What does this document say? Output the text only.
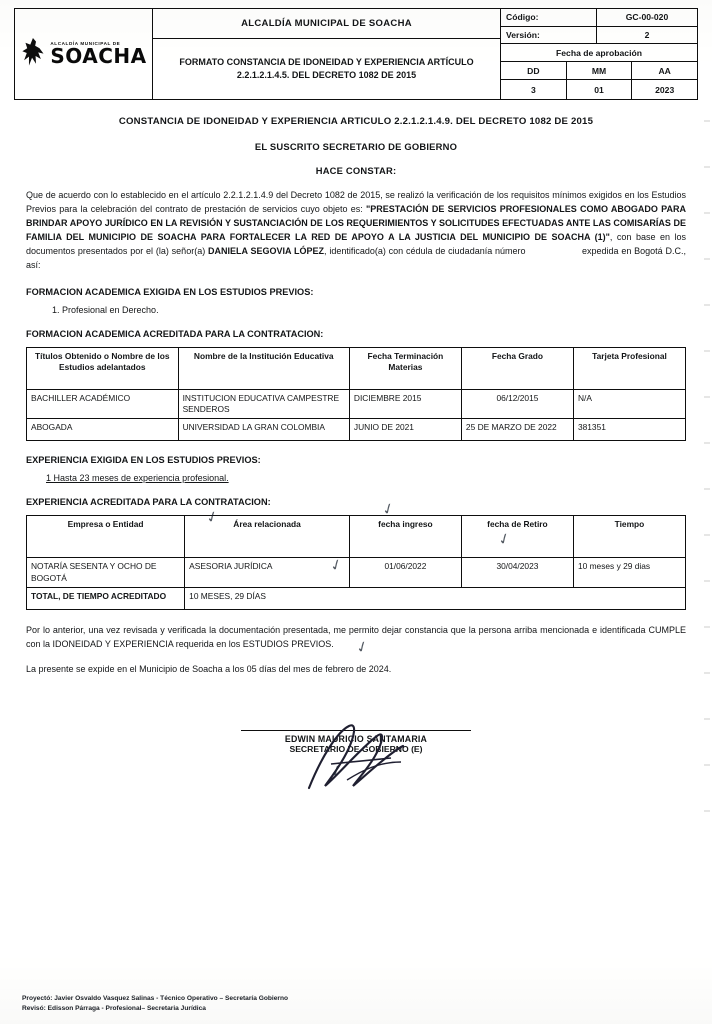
ALCALDÍA MUNICIPAL DE
SOACHA
ALCALDÍA MUNICIPAL DE SOACHA
FORMATO CONSTANCIA DE IDONEIDAD Y EXPERIENCIA ARTÍCULO
2.2.1.2.1.4.5. DEL DECRETO 1082 DE 2015
Código:	GC-00-020
Versión:	2
Fecha de aprobación
DD	MM	AA
3	01	2023
CONSTANCIA DE IDONEIDAD Y EXPERIENCIA ARTICULO 2.2.1.2.1.4.9. DEL DECRETO 1082 DE 2015
EL SUSCRITO SECRETARIO DE GOBIERNO
HACE CONSTAR:

Que de acuerdo con lo establecido en el artículo 2.2.1.2.1.4.9 del Decreto 1082 de 2015, se realizó la verificación de los requisitos mínimos exigidos en los Estudios Previos para la celebración del contrato de prestación de servicios cuyo objeto es: "PRESTACIÓN DE SERVICIOS PROFESIONALES COMO ABOGADO PARA BRINDAR APOYO JURÍDICO EN LA REVISIÓN Y SUSTANCIACIÓN DE LOS REQUERIMIENTOS Y SOLICITUDES EFECTUADAS ANTE LAS COMISARÍAS DE FAMILIA DEL MUNICIPIO DE SOACHA PARA FORTALECER LA RED DE APOYO A LA JUSTICIA DEL MUNICIPIO DE SOACHA (1)", con base en los documentos presentados por el (la) señor(a) DANIELA SEGOVIA LÓPEZ, identificado(a) con cédula de ciudadanía número	expedida en Bogotá D.C., así:

FORMACION ACADEMICA EXIGIDA EN LOS ESTUDIOS PREVIOS:
1. Profesional en Derecho.
FORMACION ACADEMICA ACREDITADA PARA LA CONTRATACION:
Títulos Obtenido o Nombre de los Estudios adelantados	Nombre de la Institución Educativa	Fecha Terminación Materias	Fecha Grado	Tarjeta Profesional
BACHILLER ACADÉMICO	INSTITUCION EDUCATIVA CAMPESTRE SENDEROS	DICIEMBRE 2015	06/12/2015	N/A
ABOGADA	UNIVERSIDAD LA GRAN COLOMBIA	JUNIO DE 2021	25 DE MARZO DE 2022	381351
EXPERIENCIA EXIGIDA EN LOS ESTUDIOS PREVIOS:
1 Hasta 23 meses de experiencia profesional.
EXPERIENCIA ACREDITADA PARA LA CONTRATACION:
Empresa o Entidad	Área relacionada	fecha ingreso	fecha de Retiro	Tiempo
NOTARÍA SESENTA Y OCHO DE BOGOTÁ	ASESORIA JURÍDICA	01/06/2022	30/04/2023	10 meses y 29 dias
TOTAL, DE TIEMPO ACREDITADO	10 MESES, 29 DÍAS			

Por lo anterior, una vez revisada y verificada la documentación presentada, me permito dejar constancia que la persona arriba mencionada e identificada CUMPLE con la IDONEIDAD Y EXPERIENCIA requerida en los ESTUDIOS PREVIOS.

La presente se expide en el Municipio de Soacha a los 05 días del mes de febrero de 2024.

EDWIN MAURICIO SANTAMARIA
SECRETARIO DE GOBIERNO (E)
✓	✓
✓
✓
✓
✓
Proyectó: Javier Osvaldo Vasquez Salinas - Técnico Operativo – Secretaría Gobierno
Revisó: Edisson Párraga - Profesional– Secretaria Jurídica
